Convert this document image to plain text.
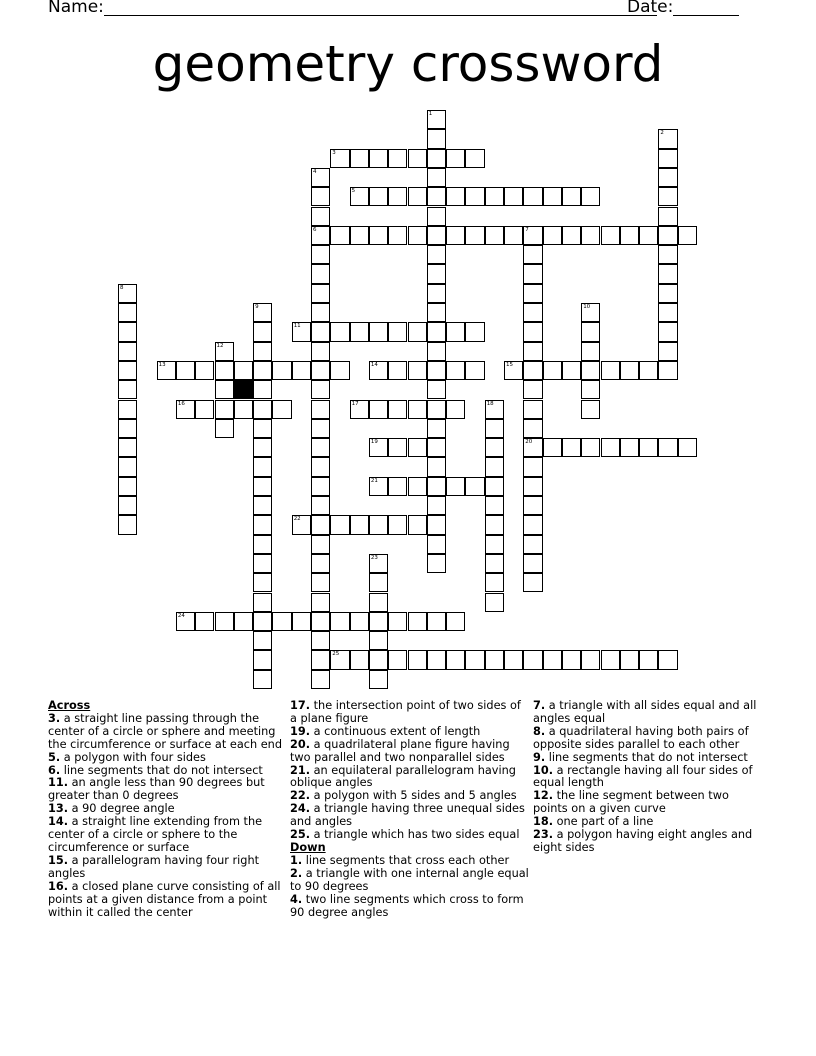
Name:	Date:
geometry crossword
1
2
3
4
6
5
7
20
8
9	10
11
12
13	14	15
16	17	18
19
21
22
23
24
25
Across

3. a straight line passing through the center of a circle or sphere and meeting the circumference or surface at each end

5. a polygon with four sides

6. line segments that do not intersect

11. an angle less than 90 degrees but greater than 0 degrees

13. a 90 degree angle

14. a straight line extending from the center of a circle or sphere to the circumference or surface

15. a parallelogram having four right angles

16. a closed plane curve consisting of all points at a given distance from a point within it called the center

17. the intersection point of two sides of a plane figure

19. a continuous extent of length

20. a quadrilateral plane figure having two parallel and two nonparallel sides

21. an equilateral parallelogram having oblique angles

22. a polygon with 5 sides and 5 angles

24. a triangle having three unequal sides and angles

25. a triangle which has two sides equal

Down

1. line segments that cross each other

2. a triangle with one internal angle equal to 90 degrees

4. two line segments which cross to form 90 degree angles

7. a triangle with all sides equal and all angles equal

8. a quadrilateral having both pairs of opposite sides parallel to each other

9. line segments that do not intersect

10. a rectangle having all four sides of equal length

12. the line segment between two points on a given curve

18. one part of a line

23. a polygon having eight angles and eight sides
